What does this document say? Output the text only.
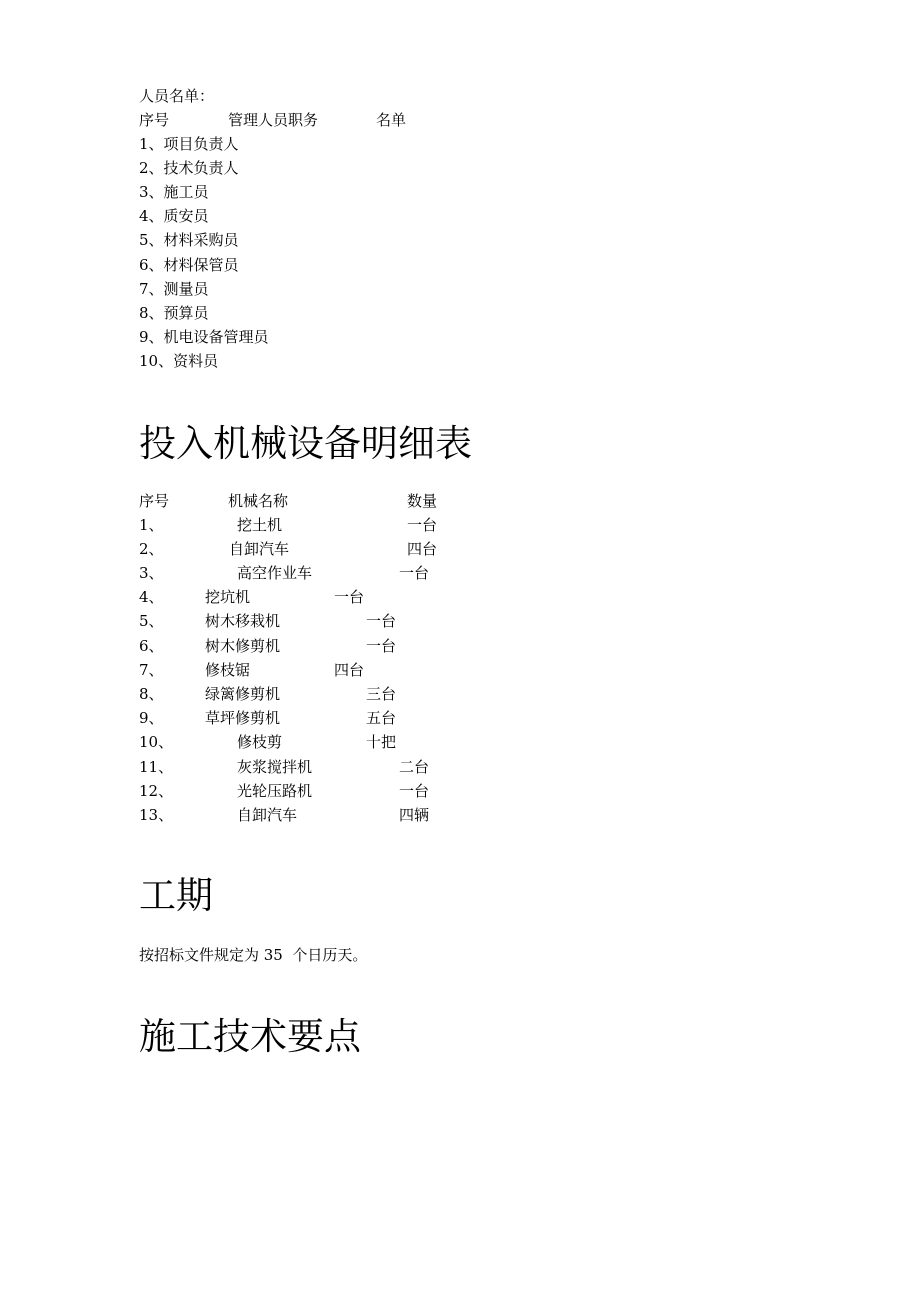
人员名单：
序号	管理人员职务	名单
1、项目负责人
2、技术负责人
3、施工员
4、质安员
5、材料采购员
6、材料保管员
7、测量员
8、预算员
9、机电设备管理员
10、资料员
投入机械设备明细表
序号	机械名称	数量
1、	挖土机	一台
2、	自卸汽车	四台
3、	高空作业车	一台
4、	挖坑机	一台
5、	树木移栽机	一台
6、	树木修剪机	一台
7、	修枝锯	四台
8、	绿篱修剪机	三台
9、	草坪修剪机	五台
10、	修枝剪	十把
11、	灰浆搅拌机	二台
12、	光轮压路机	一台
13、	自卸汽车	四辆
工期
按招标文件规定为 35  个日历天。
施工技术要点
